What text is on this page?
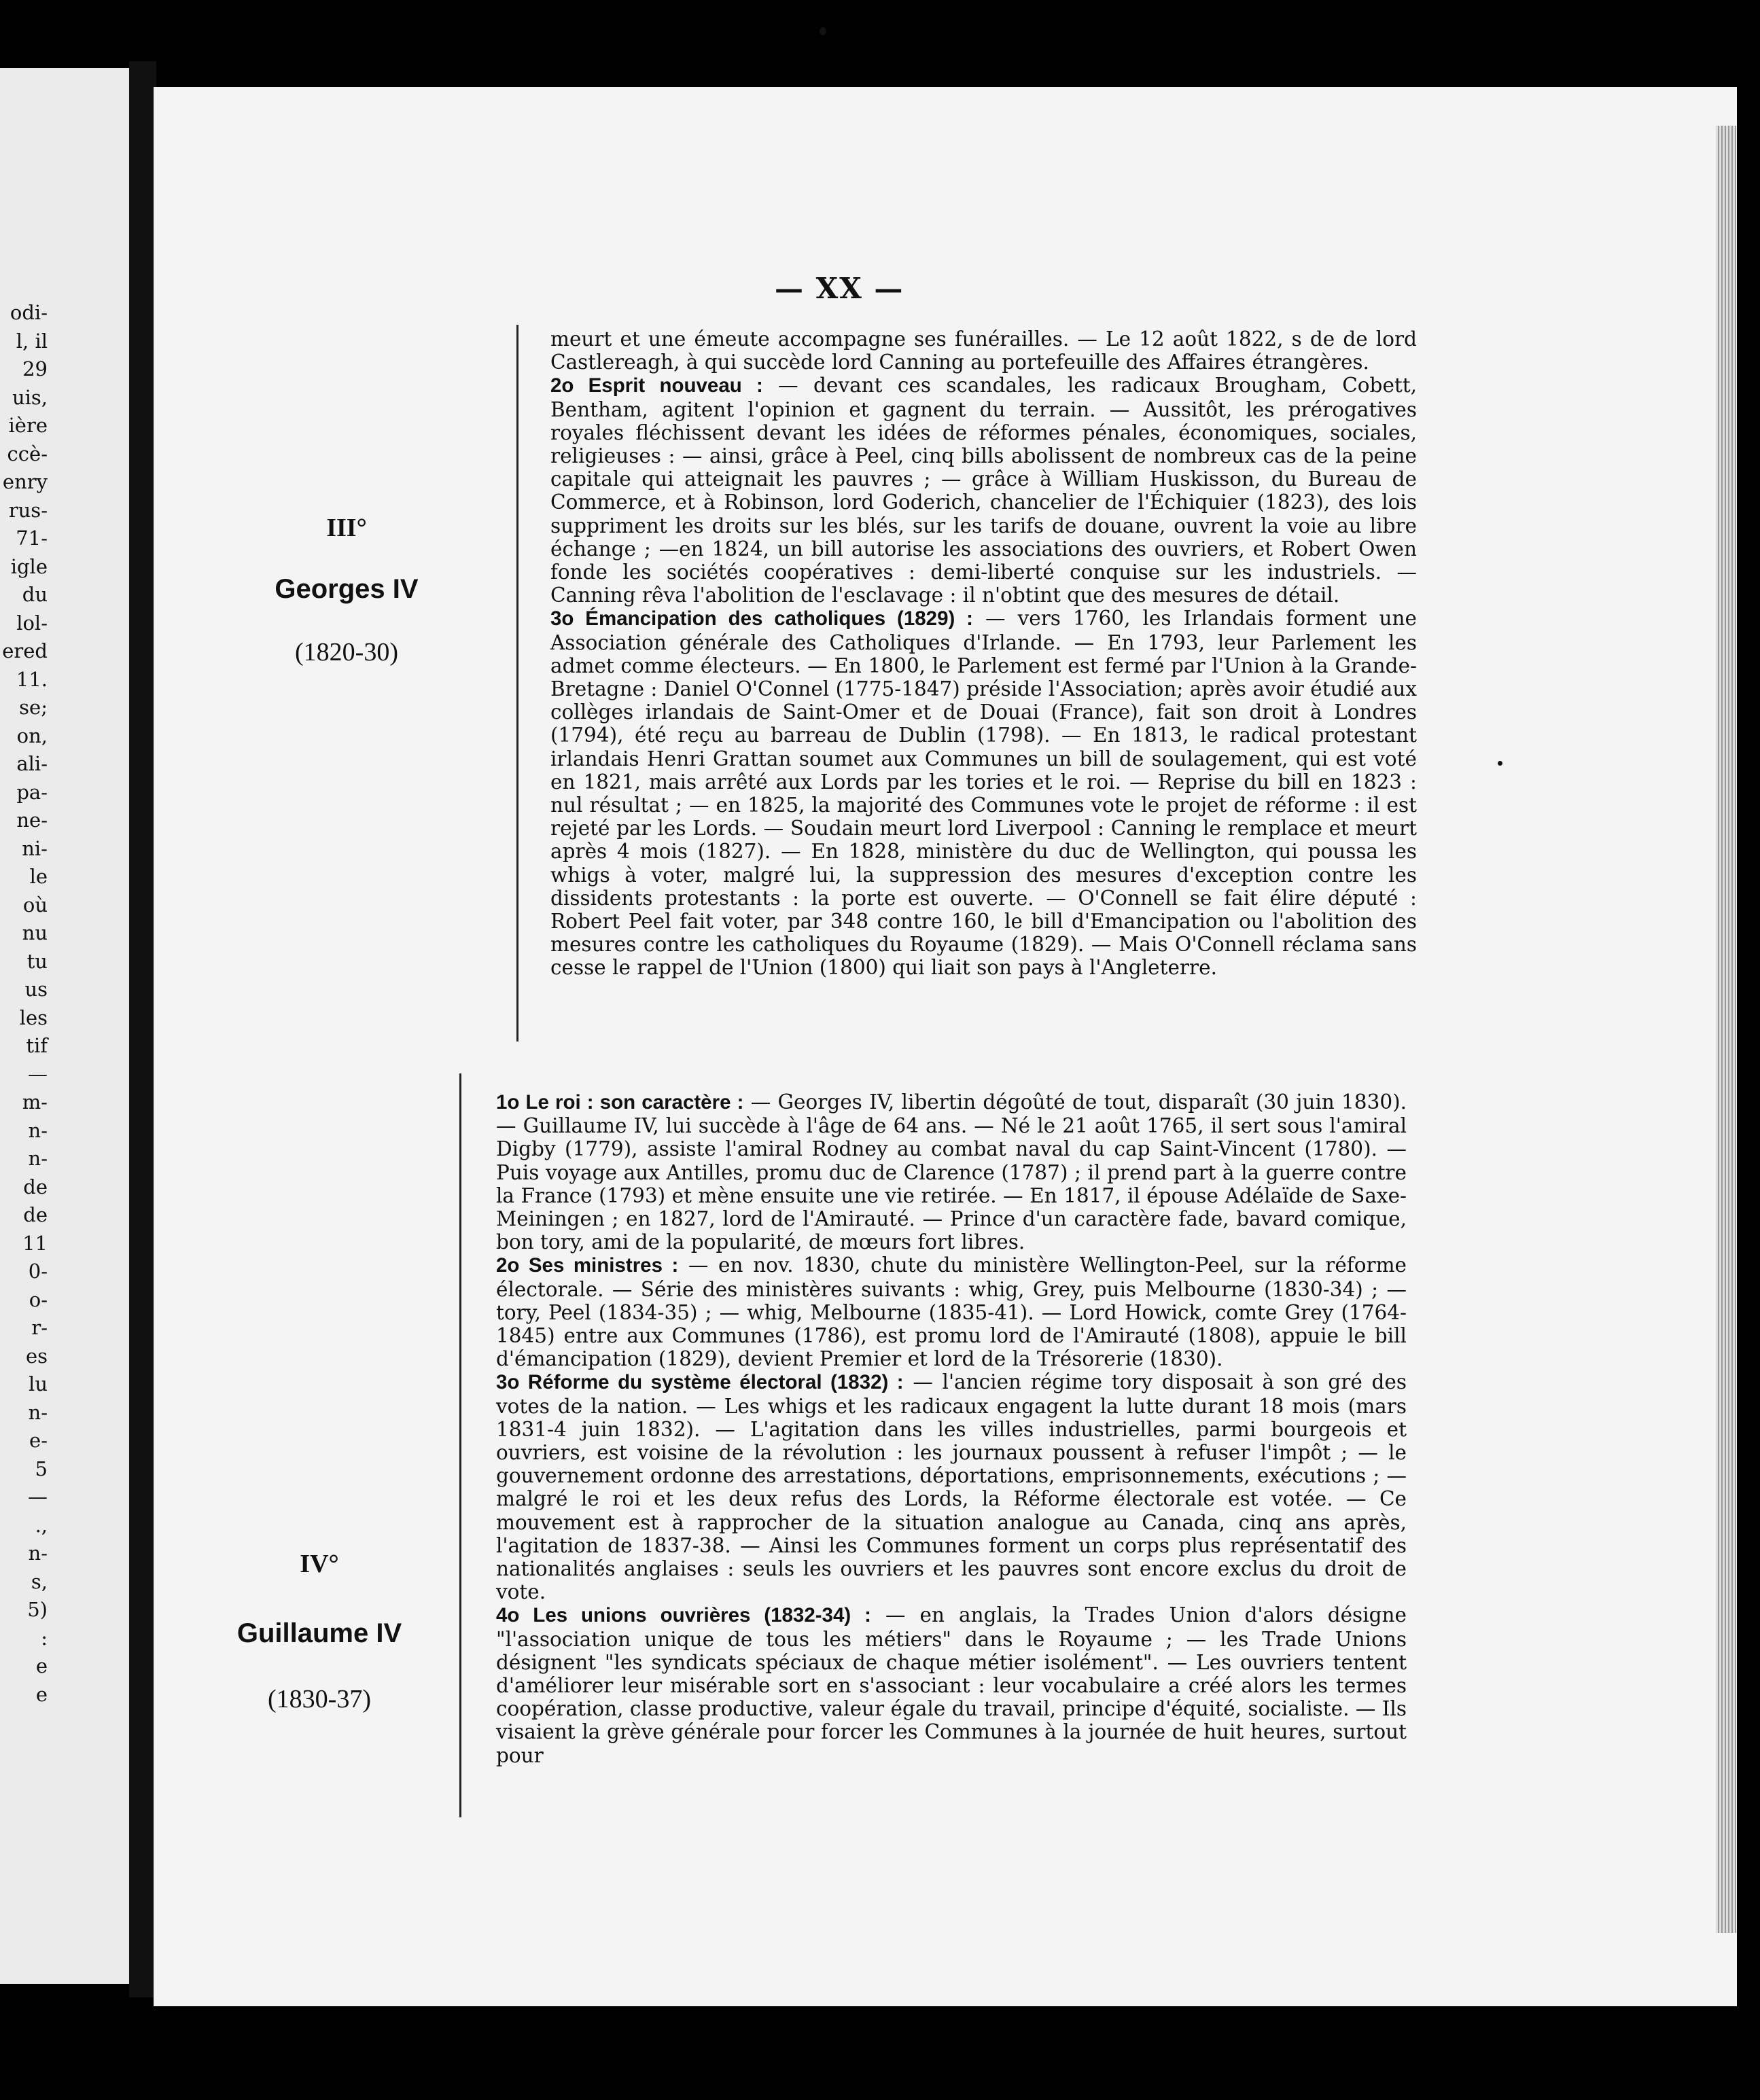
odi-
l, il
29
uis,
ière
ccè-
enry
rus-
71-
igle
du
lol-
ered
11.
se;
on,
ali-
pa-
ne-
ni-
le
où
nu
tu
us
les
tif
—
m-
n-
n-
de
de
11
0-
o-
r-
es
lu
n-
e-
5
—
.,
n-
s,
5)
:
e
e
— XX —
III°
Georges IV
(1820-30)

meurt et une émeute accompagne ses funérailles. — Le 12 août 1822, s de de lord Castlereagh, à qui succède lord Canning au portefeuille des Affaires étrangères.

2o Esprit nouveau : — devant ces scandales, les radicaux Brougham, Cobett, Bentham, agitent l'opinion et gagnent du terrain. — Aussitôt, les prérogatives royales fléchissent devant les idées de réformes pénales, économiques, sociales, religieuses : — ainsi, grâce à Peel, cinq bills abolissent de nombreux cas de la peine capitale qui atteignait les pauvres ; — grâce à William Huskisson, du Bureau de Commerce, et à Robinson, lord Goderich, chancelier de l'Échiquier (1823), des lois suppriment les droits sur les blés, sur les tarifs de douane, ouvrent la voie au libre échange ; —en 1824, un bill autorise les associations des ouvriers, et Robert Owen fonde les sociétés coopératives : demi-liberté conquise sur les industriels. — Canning rêva l'abolition de l'esclavage : il n'obtint que des mesures de détail.

3o Émancipation des catholiques (1829) : — vers 1760, les Irlandais forment une Association générale des Catholiques d'Irlande. — En 1793, leur Parlement les admet comme électeurs. — En 1800, le Parlement est fermé par l'Union à la Grande-Bretagne : Daniel O'Connel (1775-1847) préside l'Association; après avoir étudié aux collèges irlandais de Saint-Omer et de Douai (France), fait son droit à Londres (1794), été reçu au barreau de Dublin (1798). — En 1813, le radical protestant irlandais Henri Grattan soumet aux Communes un bill de soulagement, qui est voté en 1821, mais arrêté aux Lords par les tories et le roi. — Reprise du bill en 1823 : nul résultat ; — en 1825, la majorité des Communes vote le projet de réforme : il est rejeté par les Lords. — Soudain meurt lord Liverpool : Canning le remplace et meurt après 4 mois (1827). — En 1828, ministère du duc de Wellington, qui poussa les whigs à voter, malgré lui, la suppression des mesures d'exception contre les dissidents protestants : la porte est ouverte. — O'Connell se fait élire député : Robert Peel fait voter, par 348 contre 160, le bill d'Emancipation ou l'abolition des mesures contre les catholiques du Royaume (1829). — Mais O'Connell réclama sans cesse le rappel de l'Union (1800) qui liait son pays à l'Angleterre.

IV°
Guillaume IV
(1830-37)

1o Le roi : son caractère : — Georges IV, libertin dégoûté de tout, disparaît (30 juin 1830). — Guillaume IV, lui succède à l'âge de 64 ans. — Né le 21 août 1765, il sert sous l'amiral Digby (1779), assiste l'amiral Rodney au combat naval du cap Saint-Vincent (1780). — Puis voyage aux Antilles, promu duc de Clarence (1787) ; il prend part à la guerre contre la France (1793) et mène ensuite une vie retirée. — En 1817, il épouse Adélaïde de Saxe-Meiningen ; en 1827, lord de l'Amirauté. — Prince d'un caractère fade, bavard comique, bon tory, ami de la popularité, de mœurs fort libres.

2o Ses ministres : — en nov. 1830, chute du ministère Wellington-Peel, sur la réforme électorale. — Série des ministères suivants : whig, Grey, puis Melbourne (1830-34) ; — tory, Peel (1834-35) ; — whig, Melbourne (1835-41). — Lord Howick, comte Grey (1764-1845) entre aux Communes (1786), est promu lord de l'Amirauté (1808), appuie le bill d'émancipation (1829), devient Premier et lord de la Trésorerie (1830).

3o Réforme du système électoral (1832) : — l'ancien régime tory disposait à son gré des votes de la nation. — Les whigs et les radicaux engagent la lutte durant 18 mois (mars 1831-4 juin 1832). — L'agitation dans les villes industrielles, parmi bourgeois et ouvriers, est voisine de la révolution : les journaux poussent à refuser l'impôt ; — le gouvernement ordonne des arrestations, déportations, emprisonnements, exécutions ; — malgré le roi et les deux refus des Lords, la Réforme électorale est votée. — Ce mouvement est à rapprocher de la situation analogue au Canada, cinq ans après, l'agitation de 1837-38. — Ainsi les Communes forment un corps plus représentatif des nationalités anglaises : seuls les ouvriers et les pauvres sont encore exclus du droit de vote.

4o Les unions ouvrières (1832-34) : — en anglais, la Trades Union d'alors désigne "l'association unique de tous les métiers" dans le Royaume ; — les Trade Unions désignent "les syndicats spéciaux de chaque métier isolément". — Les ouvriers tentent d'améliorer leur misérable sort en s'associant : leur vocabulaire a créé alors les termes coopération, classe productive, valeur égale du travail, principe d'équité, socialiste. — Ils visaient la grève générale pour forcer les Communes à la journée de huit heures, surtout pour
